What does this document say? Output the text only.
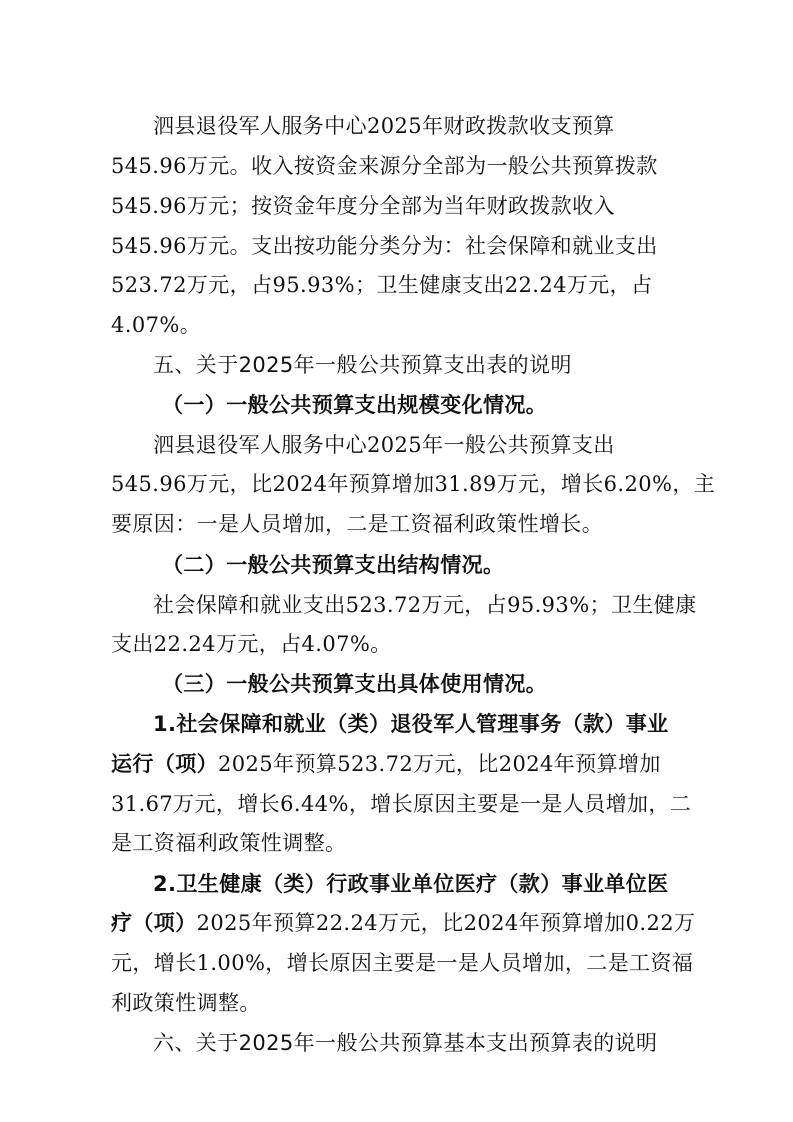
泗县退役军人服务中心2025年财政拨款收支预算
545.96万元。收入按资金来源分全部为一般公共预算拨款
545.96万元；按资金年度分全部为当年财政拨款收入
545.96万元。支出按功能分类分为：社会保障和就业支出
523.72万元，占95.93%；卫生健康支出22.24万元，占
4.07%。
五、关于2025年一般公共预算支出表的说明
（一）一般公共预算支出规模变化情况。
泗县退役军人服务中心2025年一般公共预算支出
545.96万元，比2024年预算增加31.89万元，增长6.20%，主
要原因：一是人员增加，二是工资福利政策性增长。
（二）一般公共预算支出结构情况。
社会保障和就业支出523.72万元，占95.93%；卫生健康
支出22.24万元，占4.07%。
（三）一般公共预算支出具体使用情况。
1.社会保障和就业（类）退役军人管理事务（款）事业
运行（项）2025年预算523.72万元，比2024年预算增加
31.67万元，增长6.44%，增长原因主要是一是人员增加，二
是工资福利政策性调整。
2.卫生健康（类）行政事业单位医疗（款）事业单位医
疗（项）2025年预算22.24万元，比2024年预算增加0.22万
元，增长1.00%，增长原因主要是一是人员增加，二是工资福
利政策性调整。
六、关于2025年一般公共预算基本支出预算表的说明
